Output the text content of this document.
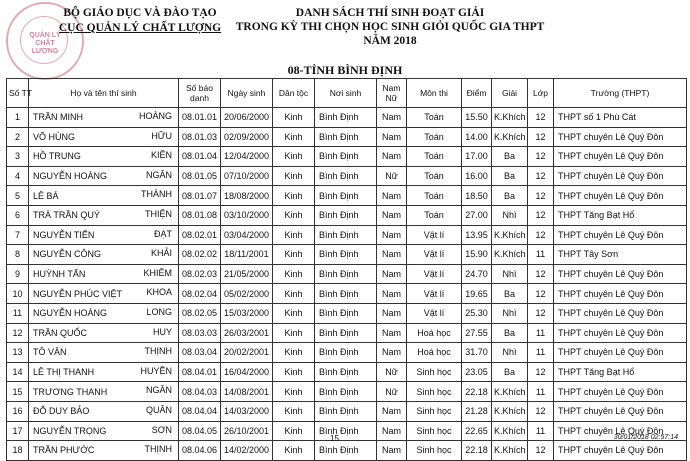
QUẢN LÝ CHẤT LƯỢNG
BỘ GIÁO DỤC VÀ ĐÀO TẠO
CỤC QUẢN LÝ CHẤT LƯỢNG
DANH SÁCH THÍ SINH ĐOẠT GIẢI
TRONG KỲ THI CHỌN HỌC SINH GIỎI QUỐC GIA THPT
NĂM 2018
08-TỈNH BÌNH ĐỊNH
Số TT	Họ và tên thí sinh	Số báo danh	Ngày sinh	Dân tộc	Nơi sinh	Nam Nữ	Môn thi	Điểm	Giải	Lớp	Trường (THPT)
1	TRẦN MINH HOÀNG	08.01.01	20/06/2000	Kinh	Bình Định	Nam	Toán	15.50	K.Khích	12	THPT số 1 Phù Cát
2	VÕ HÙNG HỮU	08.01.03	02/09/2000	Kinh	Bình Định	Nam	Toán	14.00	K.Khích	12	THPT chuyên Lê Quý Đôn
3	HỒ TRUNG KIÊN	08.01.04	12/04/2000	Kinh	Bình Định	Nam	Toán	17.00	Ba	12	THPT chuyên Lê Quý Đôn
4	NGUYỄN HOÀNG NGÂN	08.01.05	07/10/2000	Kinh	Bình Định	Nữ	Toán	16.00	Ba	12	THPT chuyên Lê Quý Đôn
5	LÊ BÁ THÀNH	08.01.07	18/08/2000	Kinh	Bình Định	Nam	Toán	18.50	Ba	12	THPT chuyên Lê Quý Đôn
6	TRÀ TRẦN QUÝ THIỆN	08.01.08	03/10/2000	Kinh	Bình Định	Nam	Toán	27.00	Nhì	12	THPT Tăng Bạt Hổ
7	NGUYỄN TIẾN ĐẠT	08.02.01	03/04/2000	Kinh	Bình Định	Nam	Vật lí	13.95	K.Khích	12	THPT chuyên Lê Quý Đôn
8	NGUYỄN CÔNG KHẢI	08.02.02	18/11/2001	Kinh	Bình Định	Nam	Vật lí	15.90	K.Khích	11	THPT Tây Sơn
9	HUỲNH TẤN KHIÊM	08.02.03	21/05/2000	Kinh	Bình Định	Nam	Vật lí	24.70	Nhì	12	THPT chuyên Lê Quý Đôn
10	NGUYỄN PHÚC VIỆT KHOA	08.02.04	05/02/2000	Kinh	Bình Định	Nam	Vật lí	19.65	Ba	12	THPT chuyên Lê Quý Đôn
11	NGUYỄN HOÀNG LONG	08.02.05	15/03/2000	Kinh	Bình Định	Nam	Vật lí	25.30	Nhì	12	THPT chuyên Lê Quý Đôn
12	TRẦN QUỐC HUY	08.03.03	26/03/2001	Kinh	Bình Định	Nam	Hoá học	27.55	Ba	11	THPT chuyên Lê Quý Đôn
13	TÔ VĂN THỊNH	08.03.04	20/02/2001	Kinh	Bình Định	Nam	Hoá học	31.70	Nhì	11	THPT chuyên Lê Quý Đôn
14	LÊ THỊ THANH HUYỀN	08.04.01	16/04/2000	Kinh	Bình Định	Nữ	Sinh học	23.05	Ba	12	THPT Tăng Bạt Hổ
15	TRƯƠNG THANH NGÂN	08.04.03	14/08/2001	Kinh	Bình Định	Nữ	Sinh học	22.18	K.Khích	11	THPT chuyên Lê Quý Đôn
16	ĐỖ DUY BẢO QUÂN	08.04.04	14/03/2000	Kinh	Bình Định	Nam	Sinh học	21.28	K.Khích	12	THPT chuyên Lê Quý Đôn
17	NGUYỄN TRỌNG SƠN	08.04.05	26/10/2001	Kinh	Bình Định	Nam	Sinh học	22.65	K.Khích	11	THPT chuyên Lê Quý Đôn
18	TRẦN PHƯỚC THỊNH	08.04.06	14/02/2000	Kinh	Bình Định	Nam	Sinh học	22.18	K.Khích	12	THPT chuyên Lê Quý Đôn
15	30/01/2018 02:57:14
